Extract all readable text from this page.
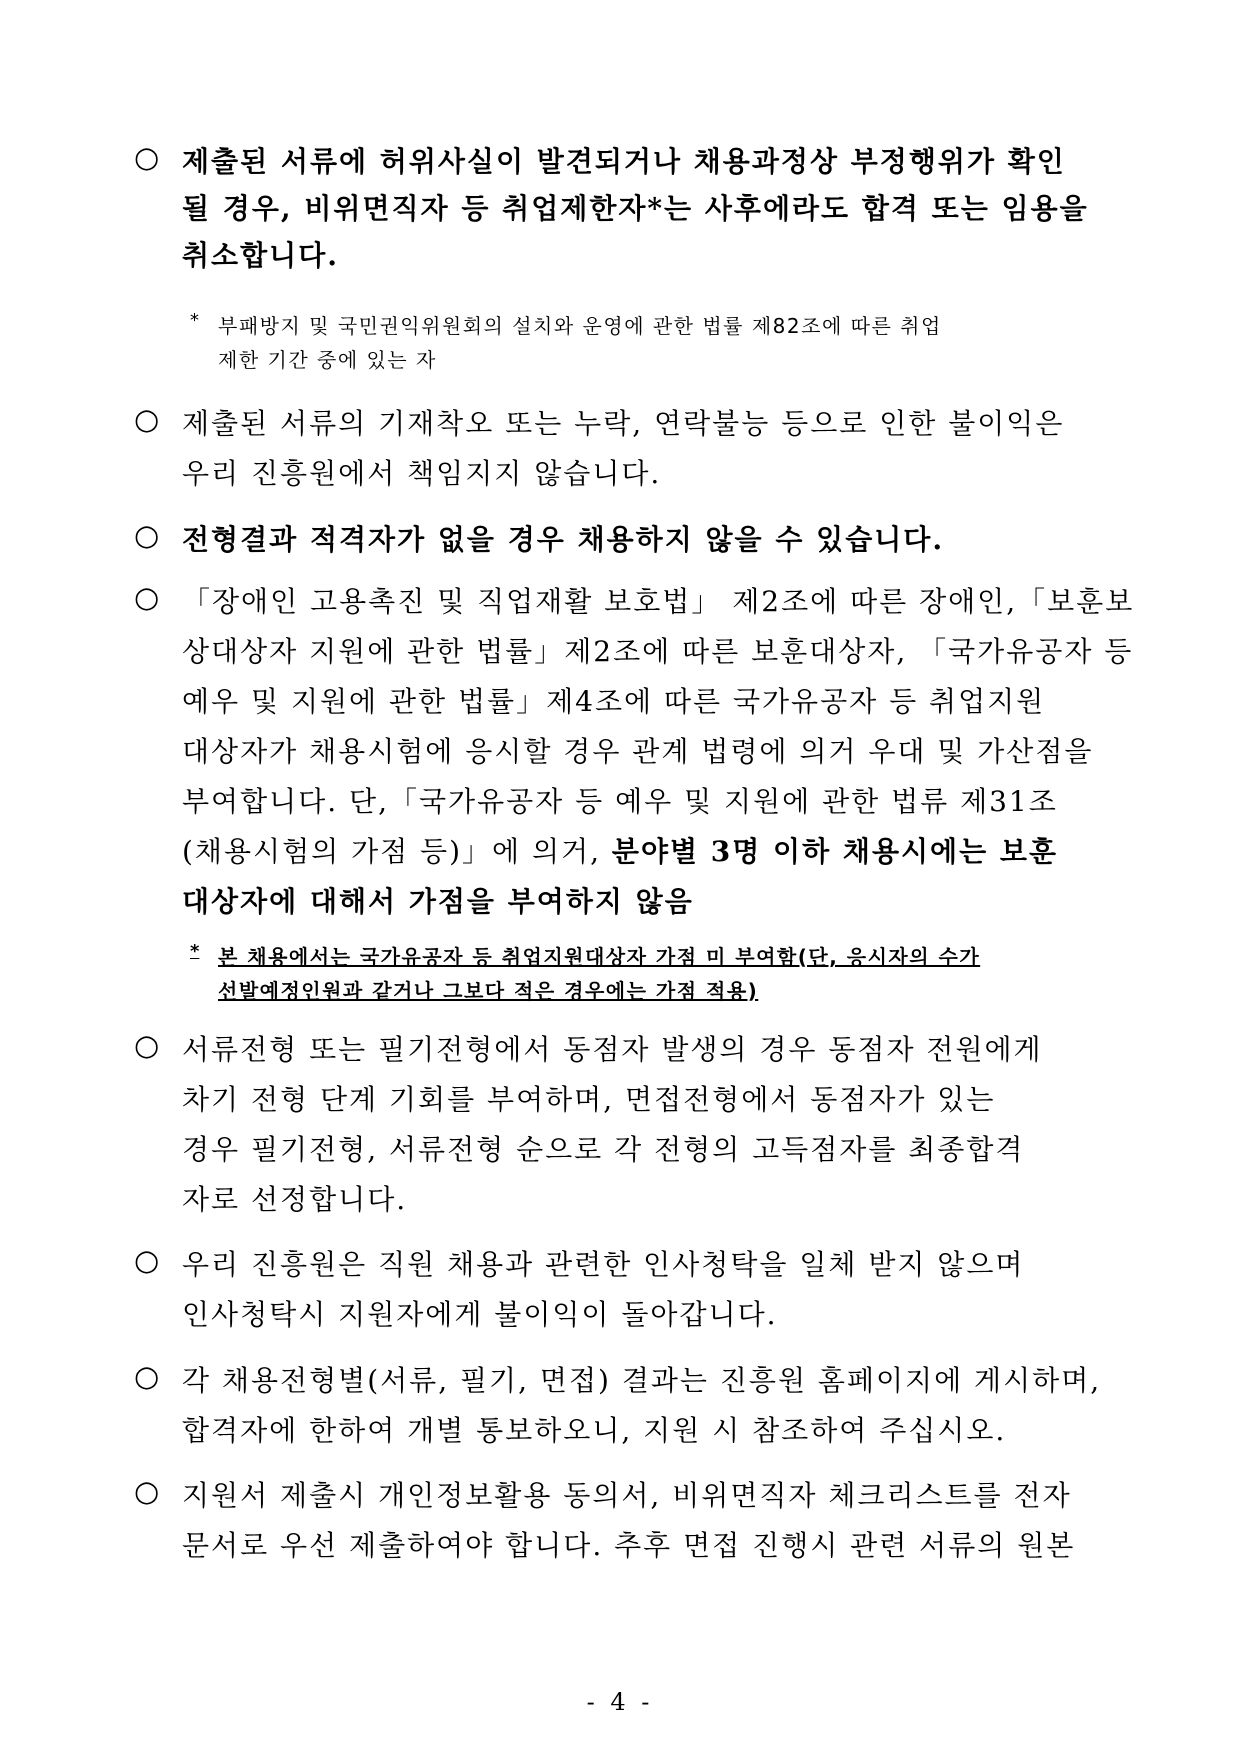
○ 제출된 서류에 허위사실이 발견되거나 채용과정상 부정행위가 확인
될 경우, 비위면직자 등 취업제한자*는 사후에라도 합격 또는 임용을
취소합니다.
* 부패방지 및 국민권익위원회의 설치와 운영에 관한 법률 제82조에 따른 취업
제한 기간 중에 있는 자
○ 제출된 서류의 기재착오 또는 누락, 연락불능 등으로 인한 불이익은
우리 진흥원에서 책임지지 않습니다.
○ 전형결과 적격자가 없을 경우 채용하지 않을 수 있습니다.
○ 「장애인 고용촉진 및 직업재활 보호법」 제2조에 따른 장애인,「보훈보
상대상자 지원에 관한 법률」제2조에 따른 보훈대상자, 「국가유공자 등
예우 및 지원에 관한 법률」제4조에 따른 국가유공자 등 취업지원
대상자가 채용시험에 응시할 경우 관계 법령에 의거 우대 및 가산점을
부여합니다. 단,「국가유공자 등 예우 및 지원에 관한 법류 제31조
(채용시험의 가점 등)」에 의거, 분야별 3명 이하 채용시에는 보훈
대상자에 대해서 가점을 부여하지 않음
* 본 채용에서는 국가유공자 등 취업지원대상자 가점 미 부여함(단, 응시자의 수가
선발예정인원과 같거나 그보다 적은 경우에는 가점 적용)
○ 서류전형 또는 필기전형에서 동점자 발생의 경우 동점자 전원에게
차기 전형 단계 기회를 부여하며, 면접전형에서 동점자가 있는
경우 필기전형, 서류전형 순으로 각 전형의 고득점자를 최종합격
자로 선정합니다.
○ 우리 진흥원은 직원 채용과 관련한 인사청탁을 일체 받지 않으며
인사청탁시 지원자에게 불이익이 돌아갑니다.
○ 각 채용전형별(서류, 필기, 면접) 결과는 진흥원 홈페이지에 게시하며,
합격자에 한하여 개별 통보하오니, 지원 시 참조하여 주십시오.
○ 지원서 제출시 개인정보활용 동의서, 비위면직자 체크리스트를 전자
문서로 우선 제출하여야 합니다. 추후 면접 진행시 관련 서류의 원본
- 4 -
